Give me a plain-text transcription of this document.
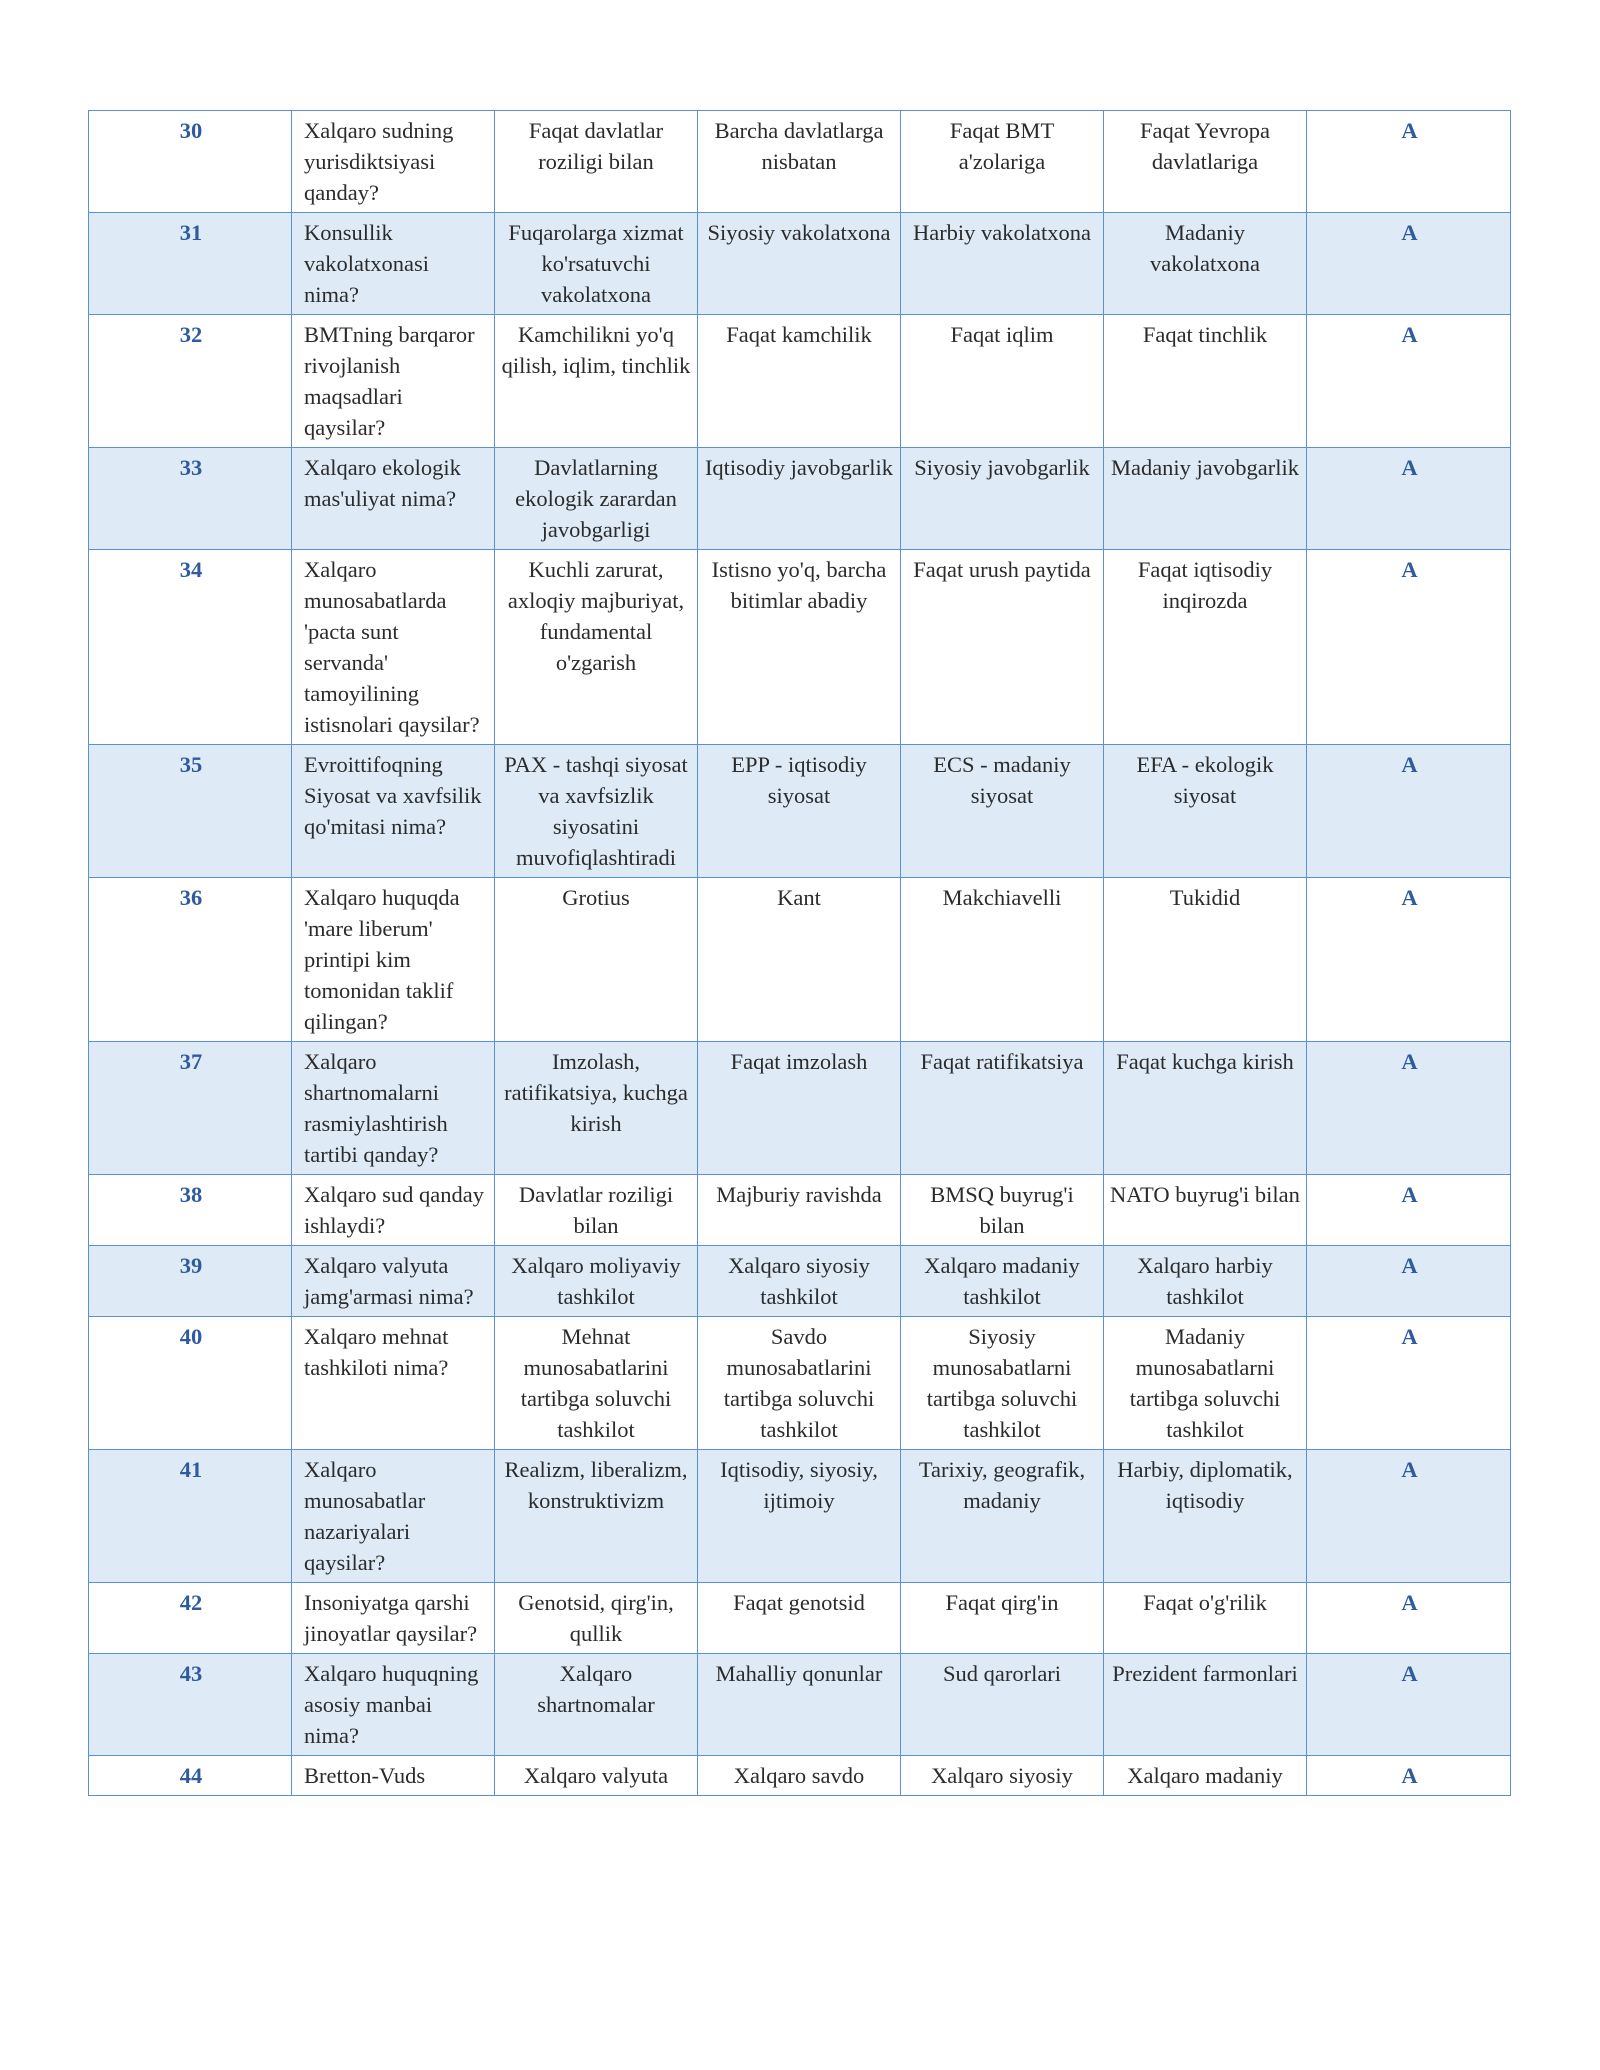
30	Xalqaro sudning yurisdiktsiyasi qanday?	Faqat davlatlar roziligi bilan	Barcha davlatlarga nisbatan	Faqat BMT a'zolariga	Faqat Yevropa davlatlariga	A
31	Konsullik vakolatxonasi nima?	Fuqarolarga xizmat ko'rsatuvchi vakolatxona	Siyosiy vakolatxona	Harbiy vakolatxona	Madaniy vakolatxona	A
32	BMTning barqaror rivojlanish maqsadlari qaysilar?	Kamchilikni yo'q qilish, iqlim, tinchlik	Faqat kamchilik	Faqat iqlim	Faqat tinchlik	A
33	Xalqaro ekologik mas'uliyat nima?	Davlatlarning ekologik zarardan javobgarligi	Iqtisodiy javobgarlik	Siyosiy javobgarlik	Madaniy javobgarlik	A
34	Xalqaro munosabatlarda 'pacta sunt servanda' tamoyilining istisnolari qaysilar?	Kuchli zarurat, axloqiy majburiyat, fundamental o'zgarish	Istisno yo'q, barcha bitimlar abadiy	Faqat urush paytida	Faqat iqtisodiy inqirozda	A
35	Evroittifoqning Siyosat va xavfsilik qo'mitasi nima?	PAX - tashqi siyosat va xavfsizlik siyosatini muvofiqlashtiradi	EPP - iqtisodiy siyosat	ECS - madaniy siyosat	EFA - ekologik siyosat	A
36	Xalqaro huquqda 'mare liberum' printipi kim tomonidan taklif qilingan?	Grotius	Kant	Makchiavelli	Tukidid	A
37	Xalqaro shartnomalarni rasmiylashtirish tartibi qanday?	Imzolash, ratifikatsiya, kuchga kirish	Faqat imzolash	Faqat ratifikatsiya	Faqat kuchga kirish	A
38	Xalqaro sud qanday ishlaydi?	Davlatlar roziligi bilan	Majburiy ravishda	BMSQ buyrug'i bilan	NATO buyrug'i bilan	A
39	Xalqaro valyuta jamg'armasi nima?	Xalqaro moliyaviy tashkilot	Xalqaro siyosiy tashkilot	Xalqaro madaniy tashkilot	Xalqaro harbiy tashkilot	A
40	Xalqaro mehnat tashkiloti nima?	Mehnat munosabatlarini tartibga soluvchi tashkilot	Savdo munosabatlarini tartibga soluvchi tashkilot	Siyosiy munosabatlarni tartibga soluvchi tashkilot	Madaniy munosabatlarni tartibga soluvchi tashkilot	A
41	Xalqaro munosabatlar nazariyalari qaysilar?	Realizm, liberalizm, konstruktivizm	Iqtisodiy, siyosiy, ijtimoiy	Tarixiy, geografik, madaniy	Harbiy, diplomatik, iqtisodiy	A
42	Insoniyatga qarshi jinoyatlar qaysilar?	Genotsid, qirg'in, qullik	Faqat genotsid	Faqat qirg'in	Faqat o'g'rilik	A
43	Xalqaro huquqning asosiy manbai nima?	Xalqaro shartnomalar	Mahalliy qonunlar	Sud qarorlari	Prezident farmonlari	A
44	Bretton-Vuds	Xalqaro valyuta	Xalqaro savdo	Xalqaro siyosiy	Xalqaro madaniy	A
